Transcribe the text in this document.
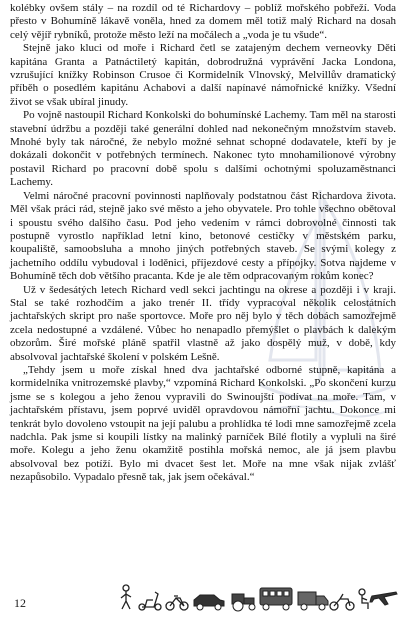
kolébky ovšem stály – na rozdíl od té Richardovy – poblíž mořského pobřeží. Voda přesto v Bohumíně lákavě voněla, hned za domem měl totiž malý Richard na dosah celý vějíř rybníků, protože město leží na močálech a „voda je tu všude“.

Stejně jako kluci od moře i Richard četl se zatajeným dechem verneovky Děti kapitána Granta a Patnáctiletý kapitán, dobrodružná vyprávění Jacka Londona, vzrušující knížky Robinson Crusoe či Kormidelník Vlnovský, Melvillův dramatický příběh o posedlém kapitánu Achabovi a další napínavé námořnické knížky. Všední život se však ubíral jinudy.

Po vojně nastoupil Richard Konkolski do bohumínské Lachemy. Tam měl na starosti stavební údržbu a později také generální dohled nad nekonečným množstvím staveb. Mnohé byly tak náročné, že nebylo možné sehnat schopné dodavatele, kteří by je dokázali dokončit v potřebných termínech. Nakonec tyto mnohamilionové výrobny postavil Richard po pracovní době spolu s dalšími ochotnými spoluzaměstnanci Lachemy.

Velmi náročné pracovní povinnosti naplňovaly podstatnou část Richardova života. Měl však práci rád, stejně jako své město a jeho obyvatele. Pro tohle všechno obětoval i spoustu svého dalšího času. Pod jeho vedením v rámci dobrovolné činnosti tak postupně vyrostlo například letní kino, betonové cestičky v městském parku, koupaliště, samoobsluha a mnoho jiných potřebných staveb. Se svými kolegy z jachetního oddílu vybudoval i loděnici, příjezdové cesty a přípojky. Sotva najdeme v Bohumíně těch dob většího pracanta. Kde je ale těm odpracovaným rokům konec?

Už v šedesátých letech Richard vedl sekci jachtingu na okrese a později i v kraji. Stal se také rozhodčím a jako trenér II. třídy vypracoval několik celostátních jachtařských skript pro naše sportovce. Moře pro něj bylo v těch dobách samozřejmě zcela nedostupné a vzdálené. Vůbec ho nenapadlo přemýšlet o plavbách k dalekým obzorům. Širé mořské pláně spatřil vlastně až jako dospělý muž, v době, kdy absolvoval jachtařské školení v polském Lešně.

„Tehdy jsem u moře získal hned dva jachtařské odborné stupně, kapitána a kormidelníka vnitrozemské plavby,“ vzpomíná Richard Konkolski. „Po skončení kurzu jsme se s kolegou a jeho ženou vypravili do Swinoujští podívat na moře. Tam, v jachtařském přístavu, jsem poprvé uviděl opravdovou námořní jachtu. Dokonce mi tenkrát bylo dovoleno vstoupit na její palubu a prohlídka té lodi mne samozřejmě zcela nadchla. Pak jsme si koupili lístky na malinký parníček Bílé flotily a vypluli na širé moře. Kolegu a jeho ženu okamžitě postihla mořská nemoc, ale já jsem plavbu absolvoval bez potíží. Bylo mi dvacet šest let. Moře na mne však nijak zvlášť nezapůsobilo. Vypadalo přesně tak, jak jsem očekával.“

12
